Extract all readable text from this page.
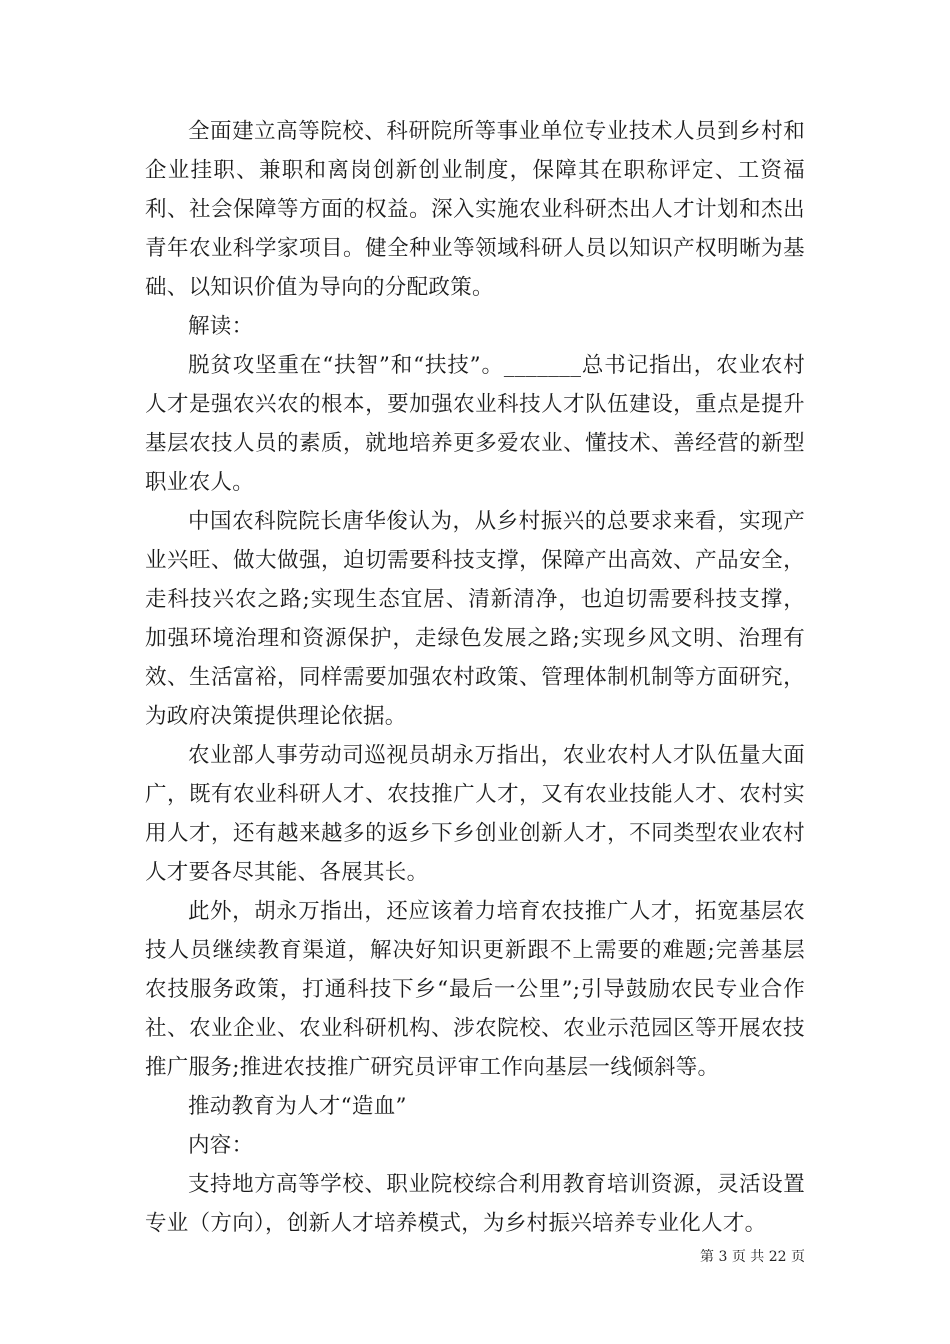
全面建立高等院校、科研院所等事业单位专业技术人员到乡村和企业挂职、兼职和离岗创新创业制度，保障其在职称评定、工资福利、社会保障等方面的权益。深入实施农业科研杰出人才计划和杰出青年农业科学家项目。健全种业等领域科研人员以知识产权明晰为基础、以知识价值为导向的分配政策。

解读：

脱贫攻坚重在“扶智”和“扶技”。_______总书记指出，农业农村人才是强农兴农的根本，要加强农业科技人才队伍建设，重点是提升基层农技人员的素质，就地培养更多爱农业、懂技术、善经营的新型职业农人。

中国农科院院长唐华俊认为，从乡村振兴的总要求来看，实现产业兴旺、做大做强，迫切需要科技支撑，保障产出高效、产品安全，走科技兴农之路;实现生态宜居、清新清净，也迫切需要科技支撑，加强环境治理和资源保护，走绿色发展之路;实现乡风文明、治理有效、生活富裕，同样需要加强农村政策、管理体制机制等方面研究，为政府决策提供理论依据。

农业部人事劳动司巡视员胡永万指出，农业农村人才队伍量大面广，既有农业科研人才、农技推广人才，又有农业技能人才、农村实用人才，还有越来越多的返乡下乡创业创新人才，不同类型农业农村人才要各尽其能、各展其长。

此外，胡永万指出，还应该着力培育农技推广人才，拓宽基层农技人员继续教育渠道，解决好知识更新跟不上需要的难题;完善基层农技服务政策，打通科技下乡“最后一公里”;引导鼓励农民专业合作社、农业企业、农业科研机构、涉农院校、农业示范园区等开展农技推广服务;推进农技推广研究员评审工作向基层一线倾斜等。

推动教育为人才“造血”

内容：

支持地方高等学校、职业院校综合利用教育培训资源，灵活设置专业（方向），创新人才培养模式，为乡村振兴培养专业化人才。

第 3 页 共 22 页
